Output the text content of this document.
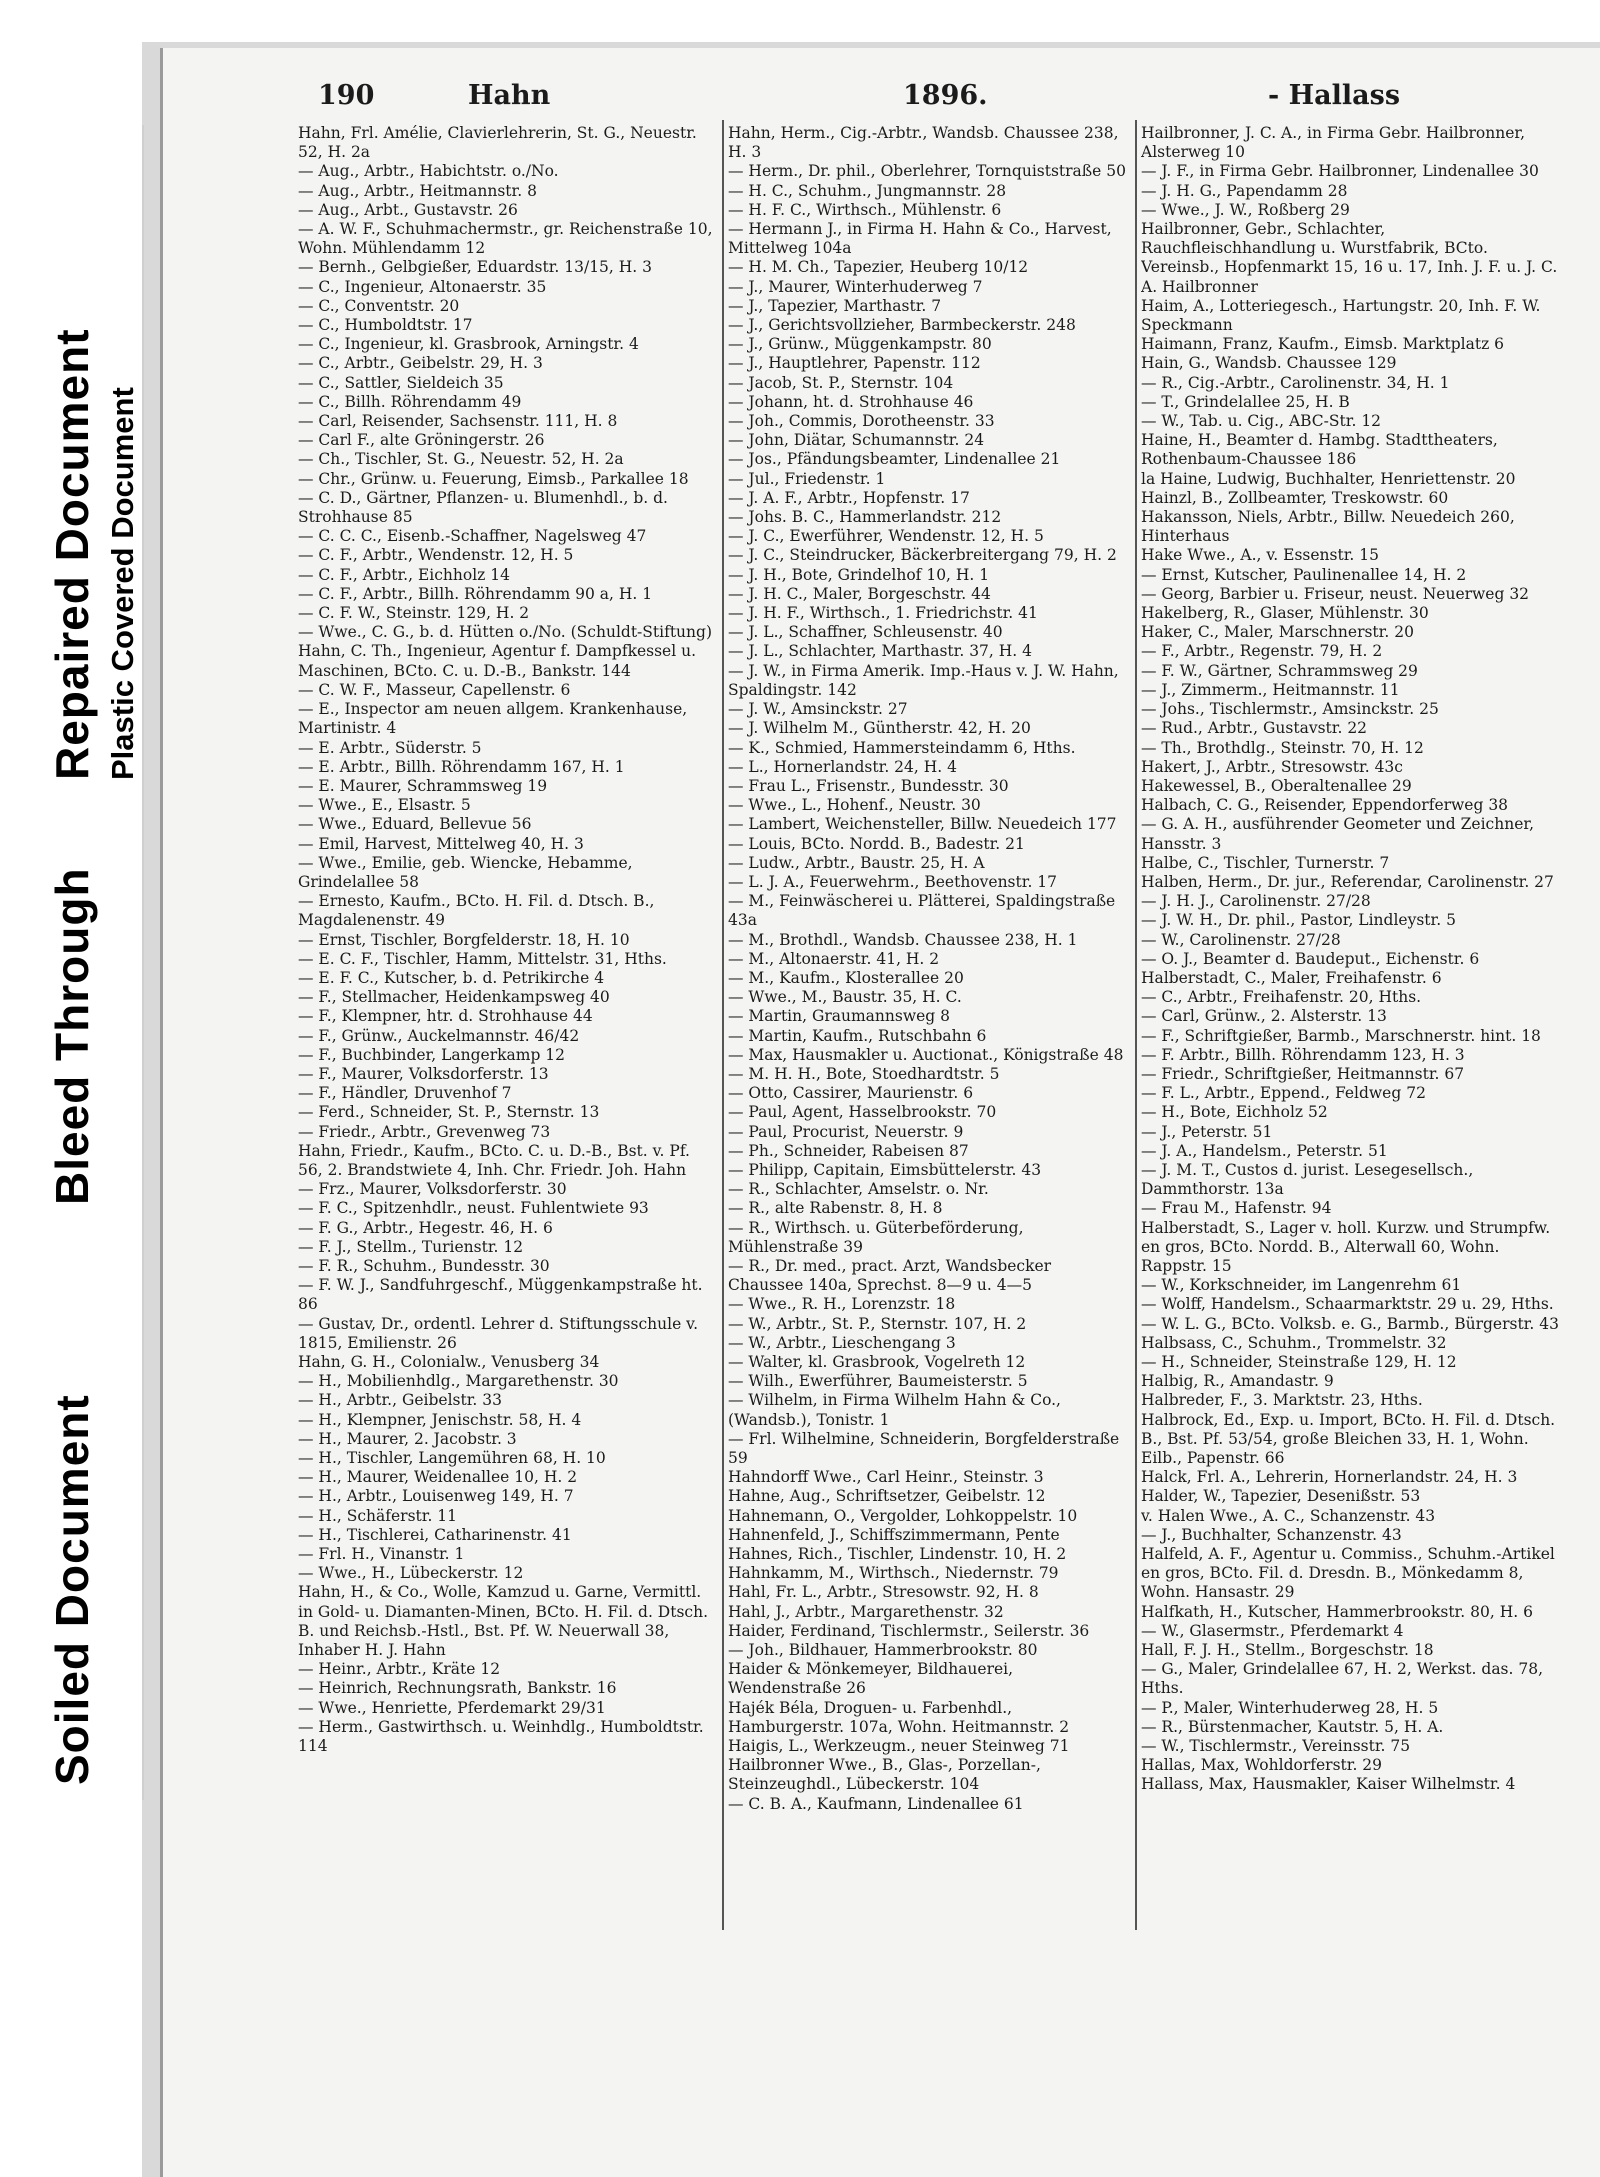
Soiled Document
Bleed Through
Repaired Document Plastic Covered Document
190	Hahn	1896.	- Hallass
Hahn, Frl. Amélie, Clavierlehrerin, St. G., Neuestr. 52, H. 2a
— Aug., Arbtr., Habichtstr. o./No.
— Aug., Arbtr., Heitmannstr. 8
— Aug., Arbt., Gustavstr. 26
— A. W. F., Schuhmachermstr., gr. Reichenstraße 10, Wohn. Mühlendamm 12
— Bernh., Gelbgießer, Eduardstr. 13/15, H. 3
— C., Ingenieur, Altonaerstr. 35
— C., Conventstr. 20
— C., Humboldtstr. 17
— C., Ingenieur, kl. Grasbrook, Arningstr. 4
— C., Arbtr., Geibelstr. 29, H. 3
— C., Sattler, Sieldeich 35
— C., Billh. Röhrendamm 49
— Carl, Reisender, Sachsenstr. 111, H. 8
— Carl F., alte Gröningerstr. 26
— Ch., Tischler, St. G., Neuestr. 52, H. 2a
— Chr., Grünw. u. Feuerung, Eimsb., Parkallee 18
— C. D., Gärtner, Pflanzen- u. Blumenhdl., b. d. Strohhause 85
— C. C. C., Eisenb.-Schaffner, Nagelsweg 47
— C. F., Arbtr., Wendenstr. 12, H. 5
— C. F., Arbtr., Eichholz 14
— C. F., Arbtr., Billh. Röhrendamm 90 a, H. 1
— C. F. W., Steinstr. 129, H. 2
— Wwe., C. G., b. d. Hütten o./No. (Schuldt-Stiftung)
Hahn, C. Th., Ingenieur, Agentur f. Dampfkessel u. Maschinen, BCto. C. u. D.-B., Bankstr. 144
— C. W. F., Masseur, Capellenstr. 6
— E., Inspector am neuen allgem. Krankenhause, Martinistr. 4
— E. Arbtr., Süderstr. 5
— E. Arbtr., Billh. Röhrendamm 167, H. 1
— E. Maurer, Schrammsweg 19
— Wwe., E., Elsastr. 5
— Wwe., Eduard, Bellevue 56
— Emil, Harvest, Mittelweg 40, H. 3
— Wwe., Emilie, geb. Wiencke, Hebamme, Grindelallee 58
— Ernesto, Kaufm., BCto. H. Fil. d. Dtsch. B., Magdalenenstr. 49
— Ernst, Tischler, Borgfelderstr. 18, H. 10
— E. C. F., Tischler, Hamm, Mittelstr. 31, Hths.
— E. F. C., Kutscher, b. d. Petrikirche 4
— F., Stellmacher, Heidenkampsweg 40
— F., Klempner, htr. d. Strohhause 44
— F., Grünw., Auckelmannstr. 46/42
— F., Buchbinder, Langerkamp 12
— F., Maurer, Volksdorferstr. 13
— F., Händler, Druvenhof 7
— Ferd., Schneider, St. P., Sternstr. 13
— Friedr., Arbtr., Grevenweg 73
Hahn, Friedr., Kaufm., BCto. C. u. D.-B., Bst. v. Pf. 56, 2. Brandstwiete 4, Inh. Chr. Friedr. Joh. Hahn
— Frz., Maurer, Volksdorferstr. 30
— F. C., Spitzenhdlr., neust. Fuhlentwiete 93
— F. G., Arbtr., Hegestr. 46, H. 6
— F. J., Stellm., Turienstr. 12
— F. R., Schuhm., Bundesstr. 30
— F. W. J., Sandfuhrgeschf., Müggenkampstraße ht. 86
— Gustav, Dr., ordentl. Lehrer d. Stiftungsschule v. 1815, Emilienstr. 26
Hahn, G. H., Colonialw., Venusberg 34
— H., Mobilienhdlg., Margarethenstr. 30
— H., Arbtr., Geibelstr. 33
— H., Klempner, Jenischstr. 58, H. 4
— H., Maurer, 2. Jacobstr. 3
— H., Tischler, Langemühren 68, H. 10
— H., Maurer, Weidenallee 10, H. 2
— H., Arbtr., Louisenweg 149, H. 7
— H., Schäferstr. 11
— H., Tischlerei, Catharinenstr. 41
— Frl. H., Vinanstr. 1
— Wwe., H., Lübeckerstr. 12
Hahn, H., & Co., Wolle, Kamzud u. Garne, Vermittl. in Gold- u. Diamanten-Minen, BCto. H. Fil. d. Dtsch. B. und Reichsb.-Hstl., Bst. Pf. W. Neuerwall 38, Inhaber H. J. Hahn
— Heinr., Arbtr., Kräte 12
— Heinrich, Rechnungsrath, Bankstr. 16
— Wwe., Henriette, Pferdemarkt 29/31
— Herm., Gastwirthsch. u. Weinhdlg., Humboldtstr. 114
Hahn, Herm., Cig.-Arbtr., Wandsb. Chaussee 238, H. 3
— Herm., Dr. phil., Oberlehrer, Tornquiststraße 50
— H. C., Schuhm., Jungmannstr. 28
— H. F. C., Wirthsch., Mühlenstr. 6
— Hermann J., in Firma H. Hahn & Co., Harvest, Mittelweg 104a
— H. M. Ch., Tapezier, Heuberg 10/12
— J., Maurer, Winterhuderweg 7
— J., Tapezier, Marthastr. 7
— J., Gerichtsvollzieher, Barmbeckerstr. 248
— J., Grünw., Müggenkampstr. 80
— J., Hauptlehrer, Papenstr. 112
— Jacob, St. P., Sternstr. 104
— Johann, ht. d. Strohhause 46
— Joh., Commis, Dorotheenstr. 33
— John, Diätar, Schumannstr. 24
— Jos., Pfändungsbeamter, Lindenallee 21
— Jul., Friedenstr. 1
— J. A. F., Arbtr., Hopfenstr. 17
— Johs. B. C., Hammerlandstr. 212
— J. C., Ewerführer, Wendenstr. 12, H. 5
— J. C., Steindrucker, Bäckerbreitergang 79, H. 2
— J. H., Bote, Grindelhof 10, H. 1
— J. H. C., Maler, Borgeschstr. 44
— J. H. F., Wirthsch., 1. Friedrichstr. 41
— J. L., Schaffner, Schleusenstr. 40
— J. L., Schlachter, Marthastr. 37, H. 4
— J. W., in Firma Amerik. Imp.-Haus v. J. W. Hahn, Spaldingstr. 142
— J. W., Amsinckstr. 27
— J. Wilhelm M., Güntherstr. 42, H. 20
— K., Schmied, Hammersteindamm 6, Hths.
— L., Hornerlandstr. 24, H. 4
— Frau L., Frisenstr., Bundesstr. 30
— Wwe., L., Hohenf., Neustr. 30
— Lambert, Weichensteller, Billw. Neuedeich 177
— Louis, BCto. Nordd. B., Badestr. 21
— Ludw., Arbtr., Baustr. 25, H. A
— L. J. A., Feuerwehrm., Beethovenstr. 17
— M., Feinwäscherei u. Plätterei, Spaldingstraße 43a
— M., Brothdl., Wandsb. Chaussee 238, H. 1
— M., Altonaerstr. 41, H. 2
— M., Kaufm., Klosterallee 20
— Wwe., M., Baustr. 35, H. C.
— Martin, Graumannsweg 8
— Martin, Kaufm., Rutschbahn 6
— Max, Hausmakler u. Auctionat., Königstraße 48
— M. H. H., Bote, Stoedhardtstr. 5
— Otto, Cassirer, Maurienstr. 6
— Paul, Agent, Hasselbrookstr. 70
— Paul, Procurist, Neuerstr. 9
— Ph., Schneider, Rabeisen 87
— Philipp, Capitain, Eimsbüttelerstr. 43
— R., Schlachter, Amselstr. o. Nr.
— R., alte Rabenstr. 8, H. 8
— R., Wirthsch. u. Güterbeförderung, Mühlenstraße 39
— R., Dr. med., pract. Arzt, Wandsbecker Chaussee 140a, Sprechst. 8—9 u. 4—5
— Wwe., R. H., Lorenzstr. 18
— W., Arbtr., St. P., Sternstr. 107, H. 2
— W., Arbtr., Lieschengang 3
— Walter, kl. Grasbrook, Vogelreth 12
— Wilh., Ewerführer, Baumeisterstr. 5
— Wilhelm, in Firma Wilhelm Hahn & Co., (Wandsb.), Tonistr. 1
— Frl. Wilhelmine, Schneiderin, Borgfelderstraße 59
Hahndorff Wwe., Carl Heinr., Steinstr. 3
Hahne, Aug., Schriftsetzer, Geibelstr. 12
Hahnemann, O., Vergolder, Lohkoppelstr. 10
Hahnenfeld, J., Schiffszimmermann, Pente
Hahnes, Rich., Tischler, Lindenstr. 10, H. 2
Hahnkamm, M., Wirthsch., Niedernstr. 79
Hahl, Fr. L., Arbtr., Stresowstr. 92, H. 8
Hahl, J., Arbtr., Margarethenstr. 32
Haider, Ferdinand, Tischlermstr., Seilerstr. 36
— Joh., Bildhauer, Hammerbrookstr. 80
Haider & Mönkemeyer, Bildhauerei, Wendenstraße 26
Hajék Béla, Droguen- u. Farbenhdl., Hamburgerstr. 107a, Wohn. Heitmannstr. 2
Haigis, L., Werkzeugm., neuer Steinweg 71
Hailbronner Wwe., B., Glas-, Porzellan-, Steinzeughdl., Lübeckerstr. 104
— C. B. A., Kaufmann, Lindenallee 61
Hailbronner, J. C. A., in Firma Gebr. Hailbronner, Alsterweg 10
— J. F., in Firma Gebr. Hailbronner, Lindenallee 30
— J. H. G., Papendamm 28
— Wwe., J. W., Roßberg 29
Hailbronner, Gebr., Schlachter, Rauchfleischhandlung u. Wurstfabrik, BCto. Vereinsb., Hopfenmarkt 15, 16 u. 17, Inh. J. F. u. J. C. A. Hailbronner
Haim, A., Lotteriegesch., Hartungstr. 20, Inh. F. W. Speckmann
Haimann, Franz, Kaufm., Eimsb. Marktplatz 6
Hain, G., Wandsb. Chaussee 129
— R., Cig.-Arbtr., Carolinenstr. 34, H. 1
— T., Grindelallee 25, H. B
— W., Tab. u. Cig., ABC-Str. 12
Haine, H., Beamter d. Hambg. Stadttheaters, Rothenbaum-Chaussee 186
la Haine, Ludwig, Buchhalter, Henriettenstr. 20
Hainzl, B., Zollbeamter, Treskowstr. 60
Hakansson, Niels, Arbtr., Billw. Neuedeich 260, Hinterhaus
Hake Wwe., A., v. Essenstr. 15
— Ernst, Kutscher, Paulinenallee 14, H. 2
— Georg, Barbier u. Friseur, neust. Neuerweg 32
Hakelberg, R., Glaser, Mühlenstr. 30
Haker, C., Maler, Marschnerstr. 20
— F., Arbtr., Regenstr. 79, H. 2
— F. W., Gärtner, Schrammsweg 29
— J., Zimmerm., Heitmannstr. 11
— Johs., Tischlermstr., Amsinckstr. 25
— Rud., Arbtr., Gustavstr. 22
— Th., Brothdlg., Steinstr. 70, H. 12
Hakert, J., Arbtr., Stresowstr. 43c
Hakewessel, B., Oberaltenallee 29
Halbach, C. G., Reisender, Eppendorferweg 38
— G. A. H., ausführender Geometer und Zeichner, Hansstr. 3
Halbe, C., Tischler, Turnerstr. 7
Halben, Herm., Dr. jur., Referendar, Carolinenstr. 27
— J. H. J., Carolinenstr. 27/28
— J. W. H., Dr. phil., Pastor, Lindleystr. 5
— W., Carolinenstr. 27/28
— O. J., Beamter d. Baudeput., Eichenstr. 6
Halberstadt, C., Maler, Freihafenstr. 6
— C., Arbtr., Freihafenstr. 20, Hths.
— Carl, Grünw., 2. Alsterstr. 13
— F., Schriftgießer, Barmb., Marschnerstr. hint. 18
— F. Arbtr., Billh. Röhrendamm 123, H. 3
— Friedr., Schriftgießer, Heitmannstr. 67
— F. L., Arbtr., Eppend., Feldweg 72
— H., Bote, Eichholz 52
— J., Peterstr. 51
— J. A., Handelsm., Peterstr. 51
— J. M. T., Custos d. jurist. Lesegesellsch., Dammthorstr. 13a
— Frau M., Hafenstr. 94
Halberstadt, S., Lager v. holl. Kurzw. und Strumpfw. en gros, BCto. Nordd. B., Alterwall 60, Wohn. Rappstr. 15
— W., Korkschneider, im Langenrehm 61
— Wolff, Handelsm., Schaarmarktstr. 29 u. 29, Hths.
— W. L. G., BCto. Volksb. e. G., Barmb., Bürgerstr. 43
Halbsass, C., Schuhm., Trommelstr. 32
— H., Schneider, Steinstraße 129, H. 12
Halbig, R., Amandastr. 9
Halbreder, F., 3. Marktstr. 23, Hths.
Halbrock, Ed., Exp. u. Import, BCto. H. Fil. d. Dtsch. B., Bst. Pf. 53/54, große Bleichen 33, H. 1, Wohn. Eilb., Papenstr. 66
Halck, Frl. A., Lehrerin, Hornerlandstr. 24, H. 3
Halder, W., Tapezier, Desenißstr. 53
v. Halen Wwe., A. C., Schanzenstr. 43
— J., Buchhalter, Schanzenstr. 43
Halfeld, A. F., Agentur u. Commiss., Schuhm.-Artikel en gros, BCto. Fil. d. Dresdn. B., Mönkedamm 8, Wohn. Hansastr. 29
Halfkath, H., Kutscher, Hammerbrookstr. 80, H. 6
— W., Glasermstr., Pferdemarkt 4
Hall, F. J. H., Stellm., Borgeschstr. 18
— G., Maler, Grindelallee 67, H. 2, Werkst. das. 78, Hths.
— P., Maler, Winterhuderweg 28, H. 5
— R., Bürstenmacher, Kautstr. 5, H. A.
— W., Tischlermstr., Vereinsstr. 75
Hallas, Max, Wohldorferstr. 29
Hallass, Max, Hausmakler, Kaiser Wilhelmstr. 4
